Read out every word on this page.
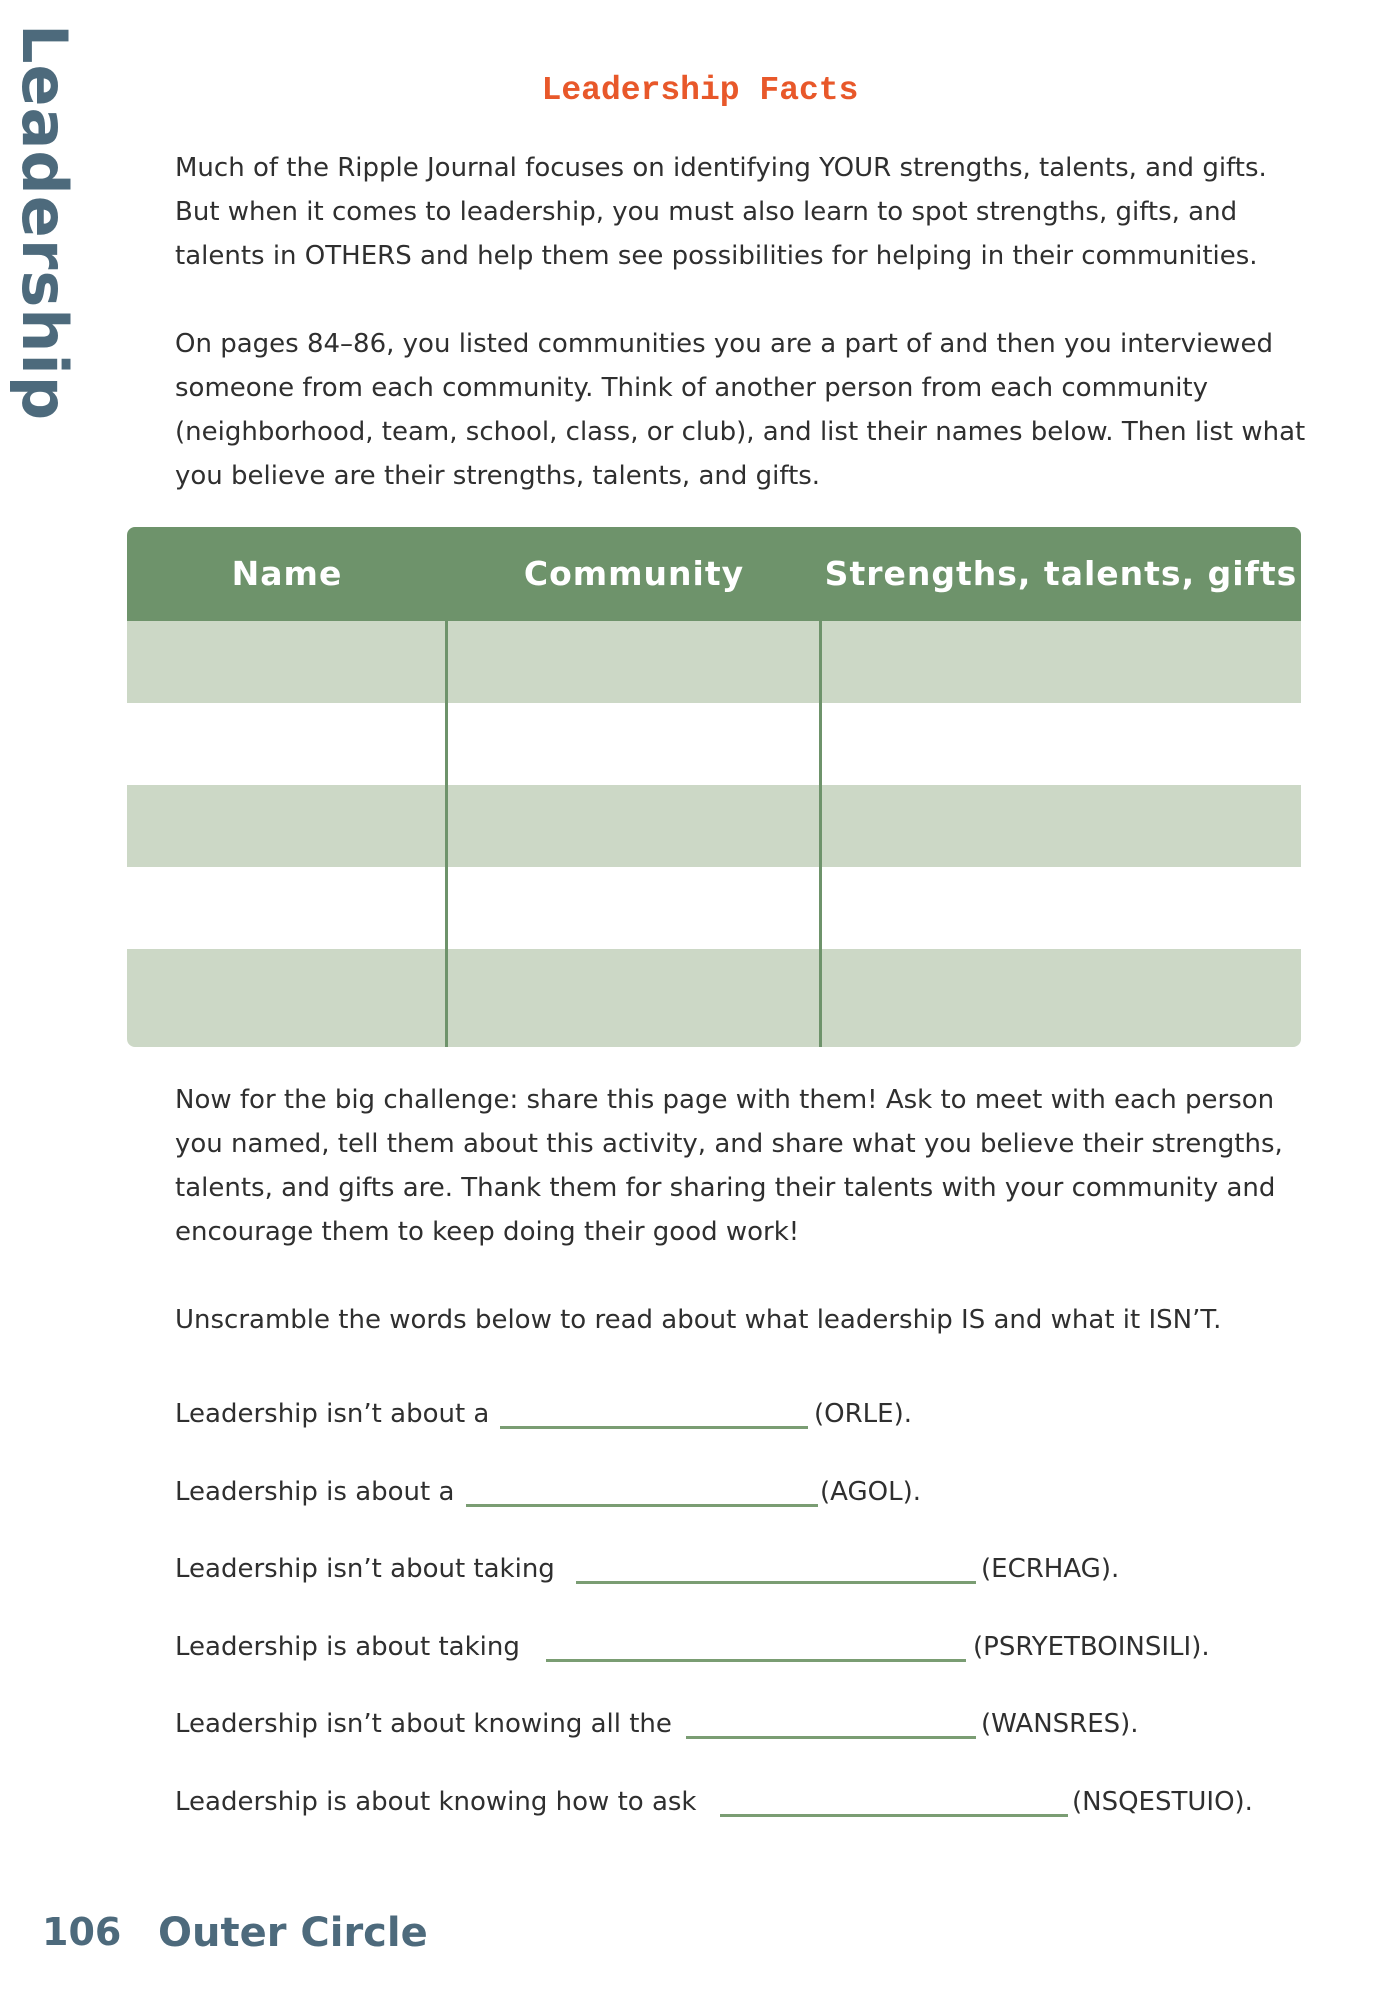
Leadership	Leadership Facts

Much of the Ripple Journal focuses on identifying YOUR strengths, talents, and gifts. But when it comes to leadership, you must also learn to spot strengths, gifts, and talents in OTHERS and help them see possibilities for helping in their communities.

On pages 84–86, you listed communities you are a part of and then you interviewed someone from each community. Think of another person from each community (neighborhood, team, school, class, or club), and list their names below. Then list what you believe are their strengths, talents, and gifts.

Name	Community	Strengths, talents, gifts

Now for the big challenge: share this page with them! Ask to meet with each person you named, tell them about this activity, and share what you believe their strengths, talents, and gifts are. Thank them for sharing their talents with your community and encourage them to keep doing their good work!

Unscramble the words below to read about what leadership IS and what it ISN’T.

Leadership isn’t about a	(ORLE).
Leadership is about a	(AGOL).
Leadership isn’t about taking	(ECRHAG).
Leadership is about taking	(PSRYETBOINSILI).
Leadership isn’t about knowing all the	(WANSRES).
Leadership is about knowing how to ask	(NSQESTUIO).
106 Outer Circle
